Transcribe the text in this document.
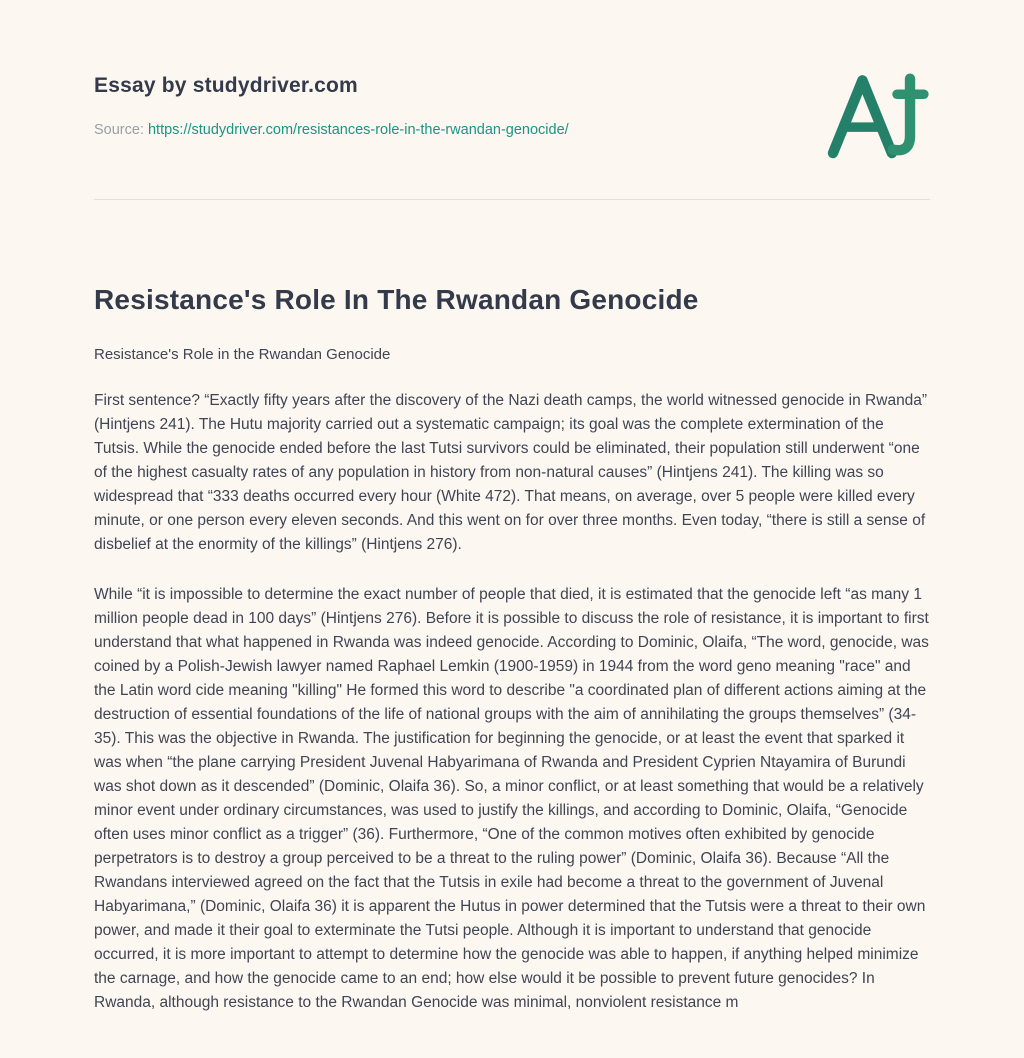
Essay by studydriver.com
Source: https://studydriver.com/resistances-role-in-the-rwandan-genocide/
Resistance's Role In The Rwandan Genocide

Resistance's Role in the Rwandan Genocide

First sentence? “Exactly fifty years after the discovery of the Nazi death camps, the world witnessed genocide in Rwanda” (Hintjens 241). The Hutu majority carried out a systematic campaign; its goal was the complete extermination of the Tutsis. While the genocide ended before the last Tutsi survivors could be eliminated, their population still underwent “one of the highest casualty rates of any population in history from non-natural causes” (Hintjens 241). The killing was so widespread that “333 deaths occurred every hour (White 472). That means, on average, over 5 people were killed every minute, or one person every eleven seconds. And this went on for over three months. Even today, “there is still a sense of disbelief at the enormity of the killings” (Hintjens 276).

While “it is impossible to determine the exact number of people that died, it is estimated that the genocide left “as many 1 million people dead in 100 days” (Hintjens 276). Before it is possible to discuss the role of resistance, it is important to first understand that what happened in Rwanda was indeed genocide. According to Dominic, Olaifa, “The word, genocide, was coined by a Polish-Jewish lawyer named Raphael Lemkin (1900-1959) in 1944 from the word geno meaning "race" and the Latin word cide meaning "killing" He formed this word to describe "a coordinated plan of different actions aiming at the destruction of essential foundations of the life of national groups with the aim of annihilating the groups themselves” (34-35). This was the objective in Rwanda. The justification for beginning the genocide, or at least the event that sparked it was when “the plane carrying President Juvenal Habyarimana of Rwanda and President Cyprien Ntayamira of Burundi was shot down as it descended” (Dominic, Olaifa 36). So, a minor conflict, or at least something that would be a relatively minor event under ordinary circumstances, was used to justify the killings, and according to Dominic, Olaifa, “Genocide often uses minor conflict as a trigger” (36). Furthermore, “One of the common motives often exhibited by genocide perpetrators is to destroy a group perceived to be a threat to the ruling power” (Dominic, Olaifa 36). Because “All the Rwandans interviewed agreed on the fact that the Tutsis in exile had become a threat to the government of Juvenal Habyarimana,” (Dominic, Olaifa 36) it is apparent the Hutus in power determined that the Tutsis were a threat to their own power, and made it their goal to exterminate the Tutsi people. Although it is important to understand that genocide occurred, it is more important to attempt to determine how the genocide was able to happen, if anything helped minimize the carnage, and how the genocide came to an end; how else would it be possible to prevent future genocides? In Rwanda, although resistance to the Rwandan Genocide was minimal, nonviolent resistance m
